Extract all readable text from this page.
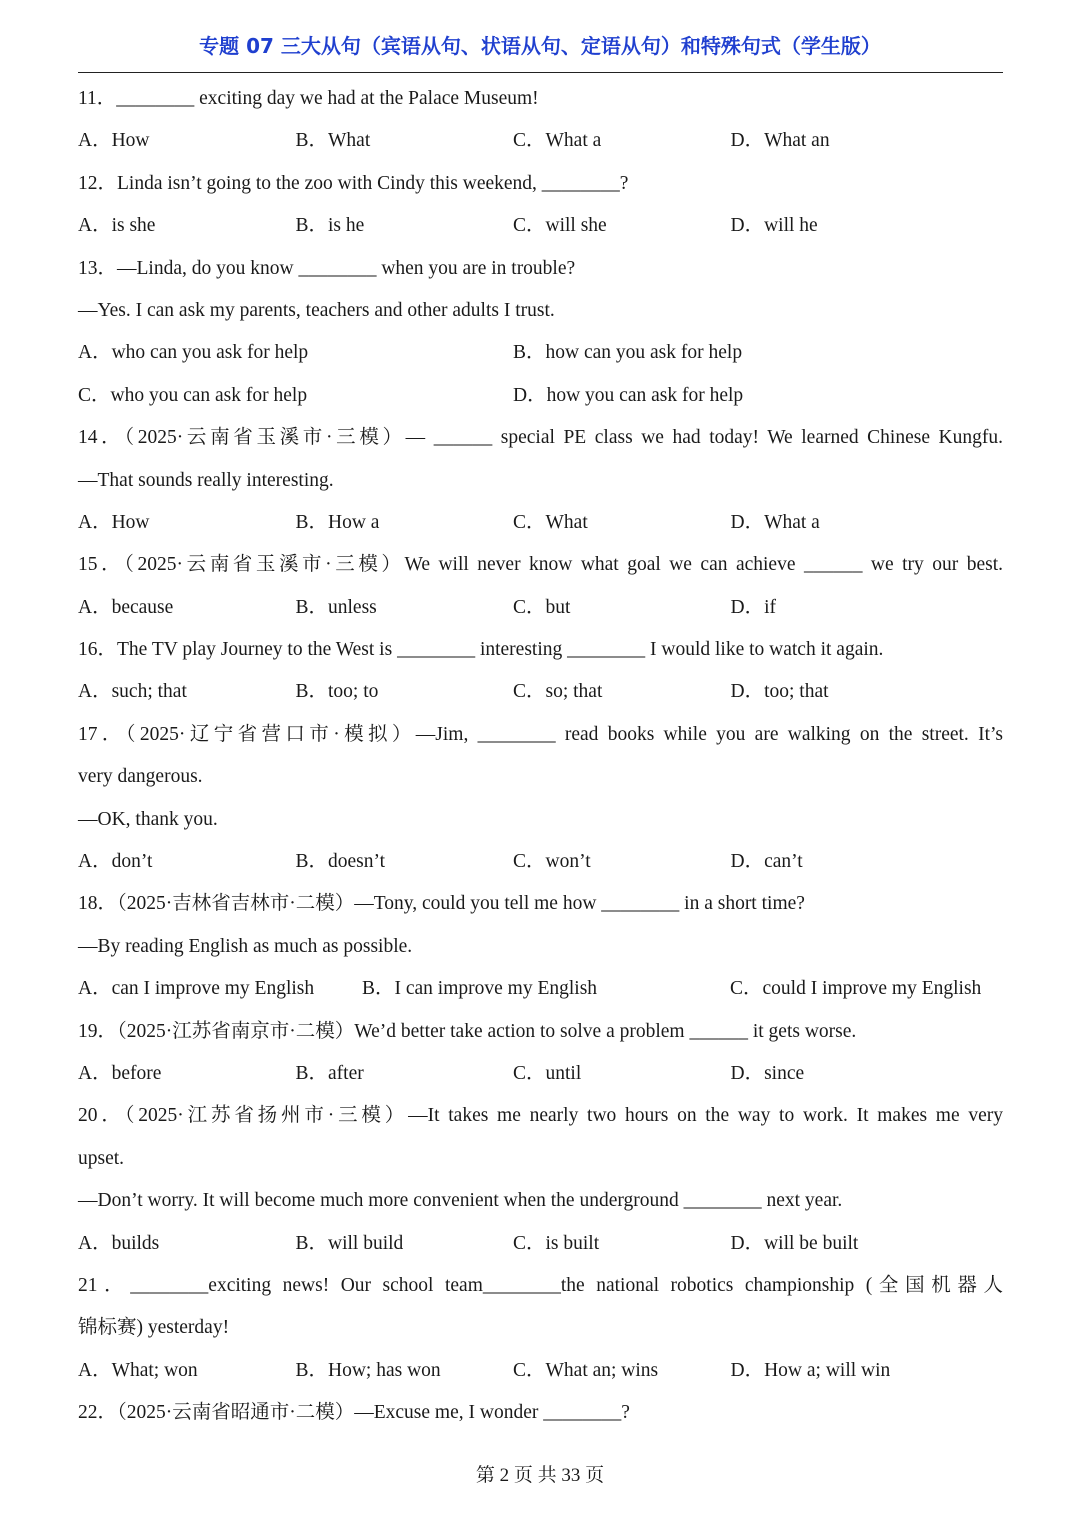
专题 07 三大从句（宾语从句、状语从句、定语从句）和特殊句式（学生版）
11．________ exciting day we had at the Palace Museum!
A．How	B．What	C．What a	D．What an
12．Linda isn’t going to the zoo with Cindy this weekend, ________?
A．is she	B．is he	C．will she	D．will he
13．—Linda, do you know ________ when you are in trouble?
—Yes. I can ask my parents, teachers and other adults I trust.
A．who can you ask for help	B．how can you ask for help
C．who you can ask for help	D．how you can ask for help
14．（2025·云南省玉溪市·三模）— ______ special PE class we had today! We learned Chinese Kungfu.
—That sounds really interesting.
A．How	B．How a	C．What	D．What a
15．（2025·云南省玉溪市·三模）We will never know what goal we can achieve ______ we try our best.
A．because	B．unless	C．but	D．if
16．The TV play Journey to the West is ________ interesting ________ I would like to watch it again.
A．such; that	B．too; to	C．so; that	D．too; that
17．（2025·辽宁省营口市·模拟）—Jim, ________ read books while you are walking on the street. It’s
very dangerous.
—OK, thank you.
A．don’t	B．doesn’t	C．won’t	D．can’t
18．（2025·吉林省吉林市·二模）—Tony, could you tell me how ________ in a short time?
—By reading English as much as possible.
A．can I improve my English	B．I can improve my English	C．could I improve my English
19．（2025·江苏省南京市·二模）We’d better take action to solve a problem ______ it gets worse.
A．before	B．after	C．until	D．since
20．（2025·江苏省扬州市·三模）—It takes me nearly two hours on the way to work. It makes me very
upset.
—Don’t worry. It will become much more convenient when the underground ________ next year.
A．builds	B．will build	C．is built	D．will be built
21．________exciting news! Our school team________the national robotics championship (全国机器人
锦标赛) yesterday!
A．What; won	B．How; has won	C．What an; wins	D．How a; will win
22．（2025·云南省昭通市·二模）—Excuse me, I wonder ________?
第 2 页 共 33 页
